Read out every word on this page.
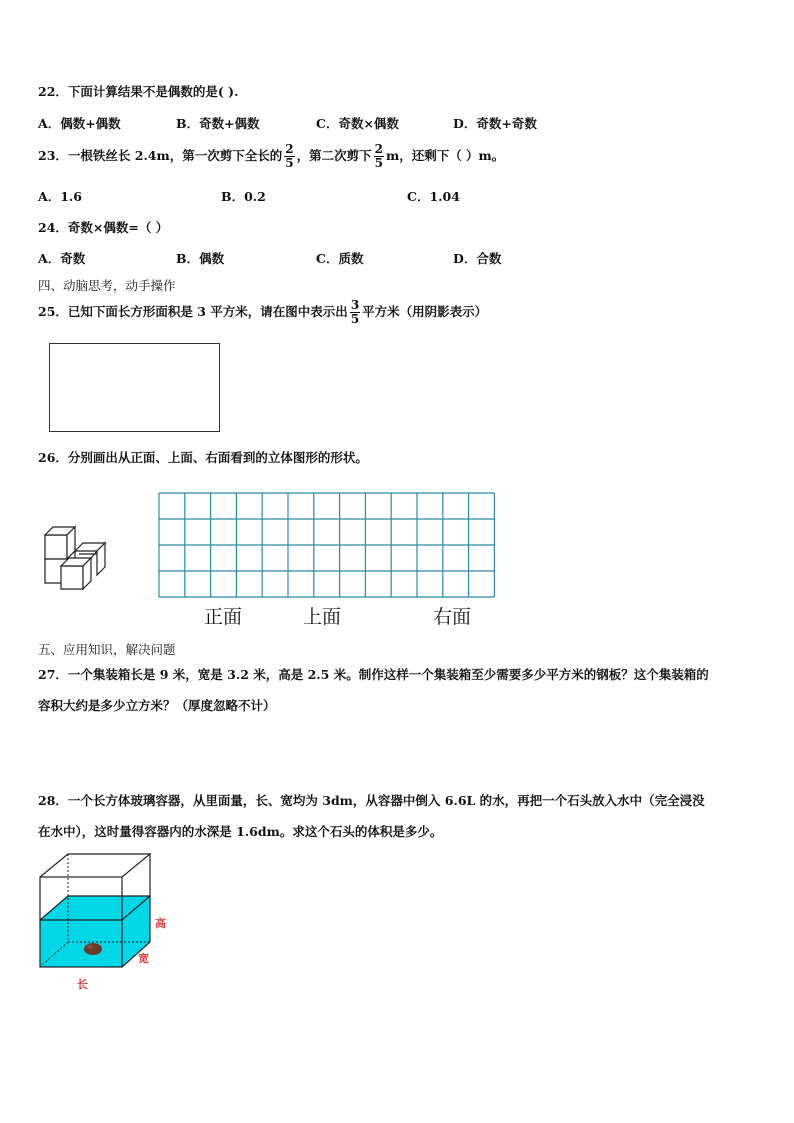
22．下面计算结果不是偶数的是( ).
A．偶数+偶数	B．奇数+偶数	C．奇数×偶数	D．奇数+奇数
23．一根铁丝长 2.4m，第一次剪下全长的 $\frac{2}{5}$ ，第二次剪下 $\frac{2}{5}$ m，还剩下（ ）m。
A．1.6	B．0.2	C．1.04
24．奇数×偶数=（ ）
A．奇数	B．偶数	C．质数	D．合数
四、动脑思考，动手操作
25．已知下面长方形面积是 3 平方米，请在图中表示出 $\frac{3}{5}$ 平方米（用阴影表示）
26．分别画出从正面、上面、右面看到的立体图形的形状。
正面	上面	右面
五、应用知识，解决问题
27．一个集装箱长是 9 米，宽是 3.2 米，高是 2.5 米。制作这样一个集装箱至少需要多少平方米的钢板？这个集装箱的
容积大约是多少立方米？（厚度忽略不计）
28．一个长方体玻璃容器，从里面量，长、宽均为 3dm，从容器中倒入 6.6L 的水，再把一个石头放入水中（完全浸没
在水中），这时量得容器内的水深是 1.6dm。求这个石头的体积是多少。
高
宽
长
